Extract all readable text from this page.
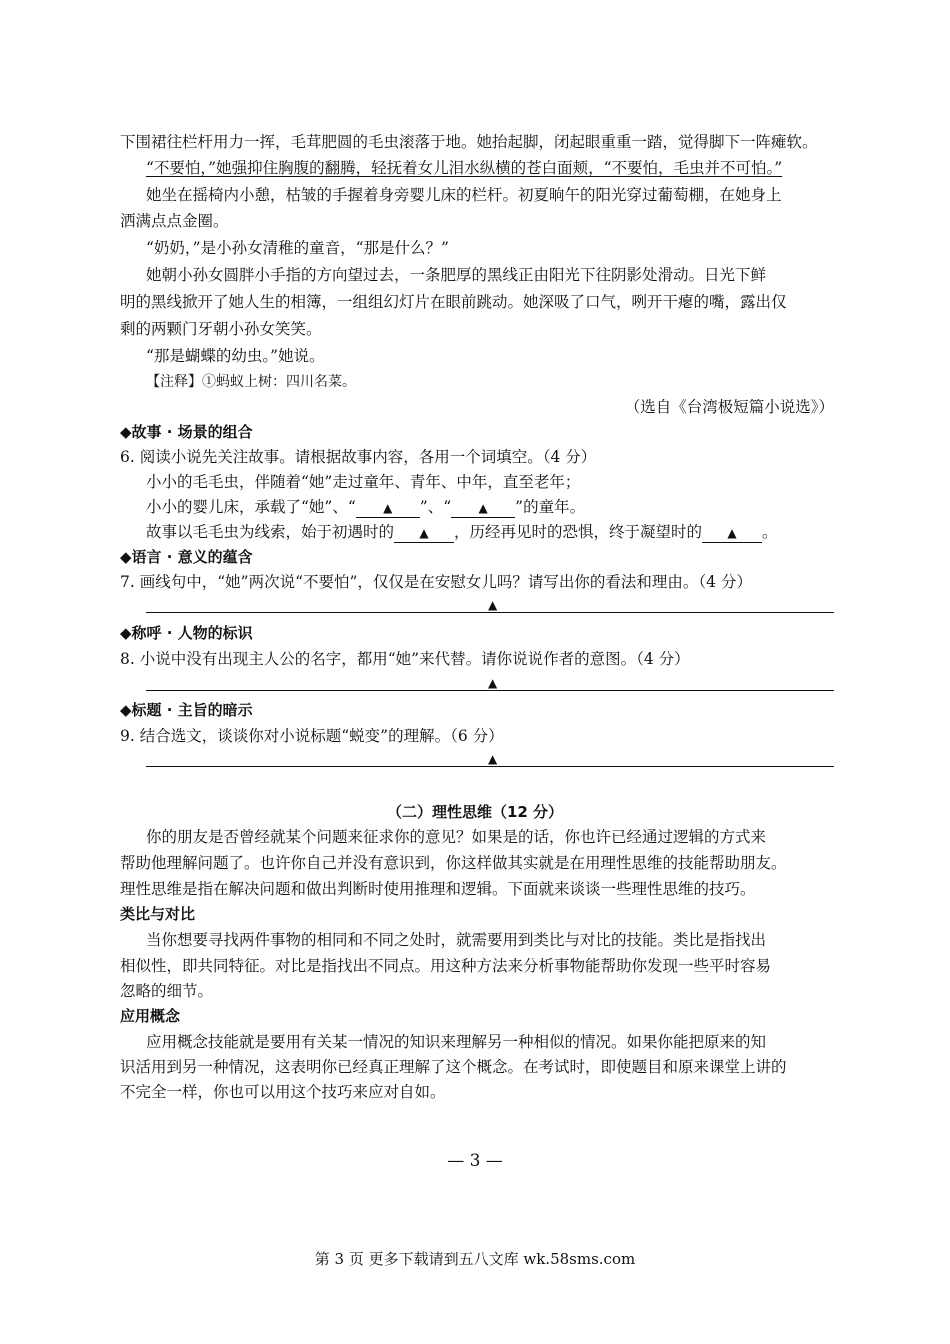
下围裙往栏杆用力一挥，毛茸肥圆的毛虫滚落于地。她抬起脚，闭起眼重重一踏，觉得脚下一阵瘫软。
“不要怕，”她强抑住胸腹的翻腾，轻抚着女儿泪水纵横的苍白面颊，“不要怕，毛虫并不可怕。”
她坐在摇椅内小憩，枯皱的手握着身旁婴儿床的栏杆。初夏晌午的阳光穿过葡萄棚，在她身上
洒满点点金圈。
“奶奶，”是小孙女清稚的童音，“那是什么？”
她朝小孙女圆胖小手指的方向望过去，一条肥厚的黑线正由阳光下往阴影处滑动。日光下鲜
明的黑线掀开了她人生的相簿，一组组幻灯片在眼前跳动。她深吸了口气，咧开干瘪的嘴，露出仅
剩的两颗门牙朝小孙女笑笑。
“那是蝴蝶的幼虫。”她说。
【注释】①蚂蚁上树：四川名菜。
（选自《台湾极短篇小说选》）
◆故事 · 场景的组合
6. 阅读小说先关注故事。请根据故事内容，各用一个词填空。（4 分）
小小的毛毛虫，伴随着“她”走过童年、青年、中年，直至老年；
小小的婴儿床，承载了“她”、“ ▲ ”、“ ▲ ”的童年。
故事以毛毛虫为线索，始于初遇时的 ▲ ，历经再见时的恐惧，终于凝望时的 ▲ 。
◆语言 · 意义的蕴含
7. 画线句中，“她”两次说“不要怕”，仅仅是在安慰女儿吗？请写出你的看法和理由。（4 分）
▲
◆称呼 · 人物的标识
8. 小说中没有出现主人公的名字，都用“她”来代替。请你说说作者的意图。（4 分）
▲
◆标题 · 主旨的暗示
9. 结合选文，谈谈你对小说标题“蜕变”的理解。（6 分）
▲
（二）理性思维（12 分）
你的朋友是否曾经就某个问题来征求你的意见？如果是的话，你也许已经通过逻辑的方式来
帮助他理解问题了。也许你自己并没有意识到，你这样做其实就是在用理性思维的技能帮助朋友。
理性思维是指在解决问题和做出判断时使用推理和逻辑。下面就来谈谈一些理性思维的技巧。
类比与对比
当你想要寻找两件事物的相同和不同之处时，就需要用到类比与对比的技能。类比是指找出
相似性，即共同特征。对比是指找出不同点。用这种方法来分析事物能帮助你发现一些平时容易
忽略的细节。
应用概念
应用概念技能就是要用有关某一情况的知识来理解另一种相似的情况。如果你能把原来的知
识活用到另一种情况，这表明你已经真正理解了这个概念。在考试时，即使题目和原来课堂上讲的
不完全一样，你也可以用这个技巧来应对自如。
— 3 —
第 3 页 更多下载请到五八文库 wk.58sms.com
